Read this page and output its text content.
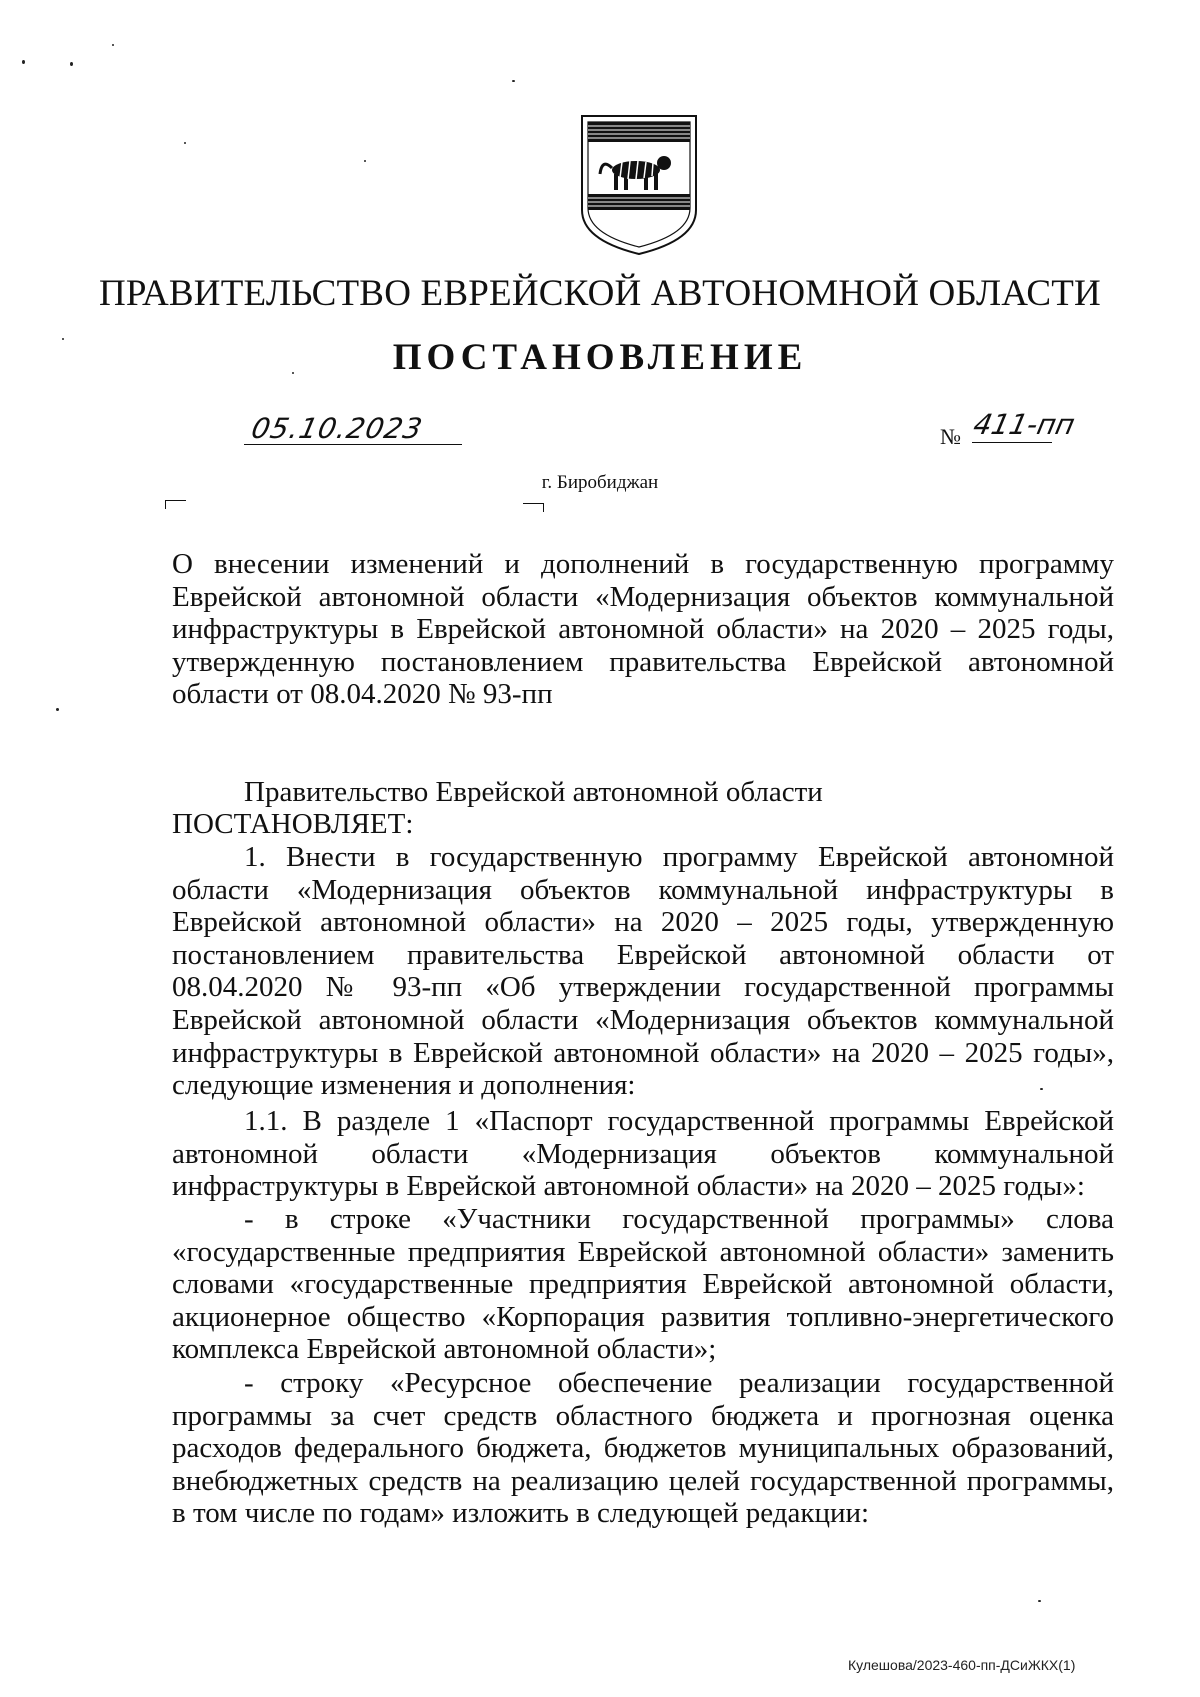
ПРАВИТЕЛЬСТВО ЕВРЕЙСКОЙ АВТОНОМНОЙ ОБЛАСТИ
ПОСТАНОВЛЕНИЕ
05.10.2023	№ 411-пп
г. Биробиджан

О внесении изменений и дополнений в государственную программу Еврейской автономной области «Модернизация объектов коммунальной инфраструктуры в Еврейской автономной области» на 2020 – 2025 годы, утвержденную постановлением правительства Еврейской автономной области от 08.04.2020 № 93-пп

Правительство Еврейской автономной области

ПОСТАНОВЛЯЕТ:

1. Внести в государственную программу Еврейской автономной области «Модернизация объектов коммунальной инфраструктуры в Еврейской автономной области» на 2020 – 2025 годы, утвержденную постановлением правительства Еврейской автономной области от 08.04.2020 № 93-пп «Об утверждении государственной программы Еврейской автономной области «Модернизация объектов коммунальной инфраструктуры в Еврейской автономной области» на 2020 – 2025 годы», следующие изменения и дополнения:

1.1. В разделе 1 «Паспорт государственной программы Еврейской автономной области «Модернизация объектов коммунальной инфраструктуры в Еврейской автономной области» на 2020 – 2025 годы»:

- в строке «Участники государственной программы» слова «государственные предприятия Еврейской автономной области» заменить словами «государственные предприятия Еврейской автономной области, акционерное общество «Корпорация развития топливно-энергетического комплекса Еврейской автономной области»;

- строку «Ресурсное обеспечение реализации государственной программы за счет средств областного бюджета и прогнозная оценка расходов федерального бюджета, бюджетов муниципальных образований, внебюджетных средств на реализацию целей государственной программы, в том числе по годам» изложить в следующей редакции:

Кулешова/2023-460-пп-ДСиЖКХ(1)
